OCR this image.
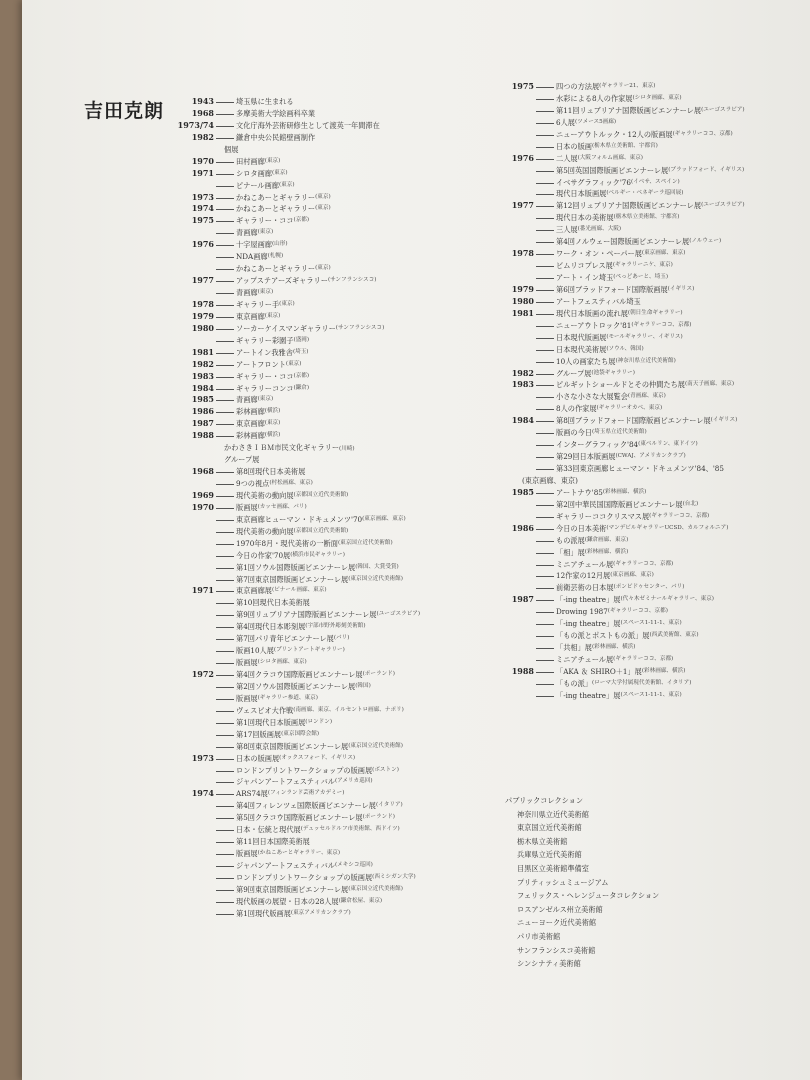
吉田克朗	1943	埼玉県に生まれる
1968	多摩美術大学絵画科卒業
1973/74	文化庁海外芸術研修生として渡英一年間滞在
1982	鎌倉中央公民館壁画制作
個展
1970	田村画廊 (東京)
1971	シロタ画廊 (東京)
ピナール画廊 (東京)
1973	かねこあーとギャラリー (東京)
1974	かねこあーとギャラリー (東京)
1975	ギャラリー・ココ (京都)
青画廊 (東京)
1976	十字屋画廊 (山形)
NDA画廊 (札幌)
かねこあーとギャラリー (東京)
1977	アップステアーズギャラリー (サンフランシスコ)
青画廊 (東京)
1978	ギャラリー手 (東京)
1979	東京画廊 (東京)
1980	ソーカーケイスマンギャラリー (サンフランシスコ)
ギャラリー彩園子 (盛岡)
1981	アートイン我雅舎 (埼玉)
1982	アートフロント (東京)
1983	ギャラリー・ココ (京都)
1984	ギャラリーコンコ (鎌倉)
1985	青画廊 (東京)
1986	彩林画廊 (横浜)
1987	東京画廊 (東京)
1988	彩林画廊 (横浜)
かわさきＩＢＭ市民文化ギャラリー(川崎)
グループ展
1968	第8回現代日本美術展
9つの視点 (村松画廊、東京)
1969	現代美術の動向展 (京都国立近代美術館)
1970	版画展 (カッセ画廊、パリ)
東京画廊ヒューマン・ドキュメンツ'70 (東京画廊、東京)
現代美術の動向展 (京都国立近代美術館)
1970年8月・現代美術の一断面 (東京国立近代美術館)
今日の作家'70展 (横浜市民ギャラリー)
第1回ソウル国際版画ビエンナーレ展 (韓国、大賞受賞)
第7回東京国際版画ビエンナーレ展 (東京国立近代美術館)
1971	東京画廊展 (ピナール画廊、東京)
第10回現代日本美術展
第9回リュブリアナ国際版画ビエンナーレ展 (ユーゴスラビア)
第4回現代日本彫刻展 (宇部市野外彫刻美術館)
第7回パリ青年ビエンナーレ展 (パリ)
版画10人展 (プリントアートギャラリー)
版画展 (シロタ画廊、東京)
1972	第4回クラコウ国際版画ビエンナーレ展 (ポーランド)
第2回ソウル国際版画ビエンナーレ展 (韓国)
版画展 (ギャラリー参道、東京)
ヴェスビオ大作戦 (南画廊、東京、イルセントロ画廊、ナポリ)
第1回現代日本版画展 (ロンドン)
第17回版画展 (東京国際会館)
第8回東京国際版画ビエンナーレ展 (東京国立近代美術館)
1973	日本の版画展 (オックスフォード、イギリス)
ロンドンプリントワークショップの版画展 (ボストン)
ジャパンアートフェスティバル (アメリカ巡回)
1974	ARS74展 (フィンランド芸術アカデミー)
第4回フィレンツェ国際版画ビエンナーレ展 (イタリア)
第5回クラコウ国際版画ビエンナーレ展 (ポーランド)
日本・伝統と現代展 (デュッセルドルフ市美術館、西ドイツ)
第11回日本国際美術展
版画展 (かねこあーとギャラリー、東京)
ジャパンアートフェスティバル (メキシコ巡回)
ロンドンプリントワークショップの版画展 (西ミシガン大学)
第9回東京国際版画ビエンナーレ展 (東京国立近代美術館)
現代版画の展望・日本の28人展 (鎌倉松屋、東京)
第1回現代版画展 (東京アメリカンクラブ)
1975	四つの方法展 (ギャラリー21、東京)
水彩による8人の作家展 (シロタ画廊、東京)
第11回リュブリアナ国際版画ビエンナーレ展 (ユーゴスラビア)
6人展 (ツメース5画廊)
ニューアウトルック・12人の版画展 (ギャラリーココ、京都)
日本の版画 (栃木県立美術館、宇都宮)
1976	二人展 (大阪フォルム画廊、東京)
第5回英国国際版画ビエンナーレ展 (ブラッドフォード、イギリス)
イベサグラフィック'76 (イベサ、スペイン)
現代日本版画展 (ベルギー・ベネギーラ巡回展)
1977	第12回リュブリアナ国際版画ビエンナーレ展 (ユーゴスラビア)
現代日本の美術展 (栃木県立美術館、宇都宮)
三人展 (番光画廊、大阪)
第4回ノルウェー国際版画ビエンナーレ展 (ノルウェー)
1978	ワーク・オン・ペーパー展 (東京画廊、東京)
ビムリコプレス展 (ギャラリーニケ、東京)
アート・イン埼玉 (ぺっどあーと、埼玉)
1979	第6回ブラッドフォード国際版画展 (イギリス)
1980	アートフェスティバル埼玉
1981	現代日本版画の流れ展 (朝日生命ギャラリー)
ニューアウトロック'81 (ギャラリーココ、京都)
日本現代版画展 (モールギャラリー、イギリス)
日本現代美術展 (ソウル、韓国)
10人の画家たち展 (神奈川県立近代美術館)
1982	グループ展 (池袋ギャラリー)
1983	ピルギットショールドとその仲間たち展 (南天子画廊、東京)
小さな小さな大展覧会 (青画廊、東京)
8人の作家展 (ギャラリーオカベ、東京)
1984	第8回ブラッドフォード国際版画ビエンナーレ展 (イギリス)
版画の今日 (埼玉県立近代美術館)
インターグラフィック'84 (東ベルリン、東ドイツ)
第29回日本版画展 (CWAJ、アメリカンクラブ)
第33回東京画廊ヒューマン・ドキュメンツ'84、'85
(東京画廊、東京)
1985	アートナウ'85 (彩林画廊、横浜)
第2回中華民国国際版画ビエンナーレ展 (台北)
ギャラリーココクリスマス展 (ギャラリーココ、京都)
1986	今日の日本美術 (マンデビルギャラリーUCSD、カルフォルニア)
もの派展 (鎌倉画廊、東京)
「相」展 (彩林画廊、横浜)
ミニアチュール展 (ギャラリーココ、京都)
12作家の12月展 (東京画廊、東京)
前衛芸術の日本展 (ポンピドゥセンター、パリ)
1987	「-ing theatre」展 (代々木ゼミナールギャラリー、東京)
Drowing 1987 (ギャラリーココ、京都)
「-ing theatre」展 (スペース1-11-1、東京)
「もの派とポストもの派」展 (西武美術館、東京)
「共相」展 (彩林画廊、横浜)
ミニアチュール展 (ギャラリーココ、京都)
1988	「AKA ＆ SHIRO＋1」展 (彩林画廊、横浜)
「もの派」 (ローマ大学付属現代美術館、イタリア)
「-ing theatre」展 (スペース1-11-1、東京)
パブリックコレクション
神奈川県立近代美術館
東京国立近代美術館
栃木県立美術館
兵庫県立近代美術館
目黒区立美術館準備室
プリティッシュミュージアム
フェリックス・ヘレンジュータコレクション
ロスアンゼルス州立美術館
ニューヨーク近代美術館
パリ市美術館
サンフランシスコ美術館
シンシナティ美術館
